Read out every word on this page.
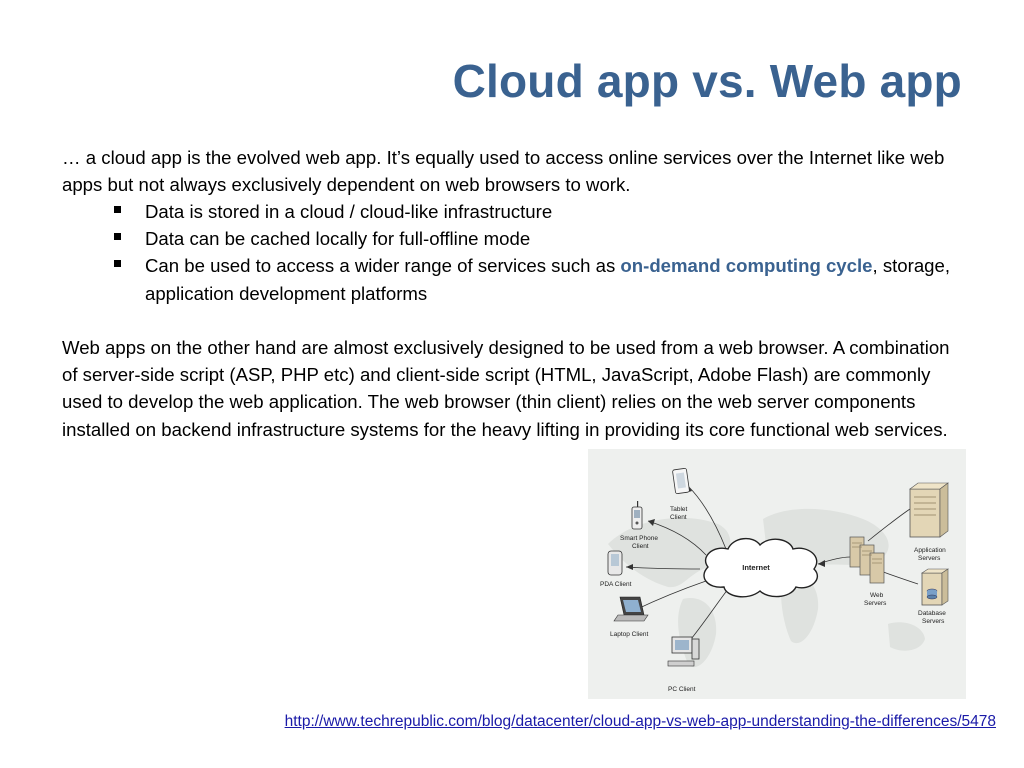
Cloud app vs. Web app
… a cloud app is the evolved web app. It’s equally used to access online services over the Internet like web apps but not always exclusively dependent on web browsers to work.
Data is stored in a cloud / cloud-like infrastructure
Data can be cached locally for full-offline mode
Can be used to access a wider range of services such as on-demand computing cycle, storage, application development platforms
Web apps on the other hand are almost exclusively designed to be used from a web browser. A combination of server-side script (ASP, PHP etc) and client-side script (HTML, JavaScript, Adobe Flash) are commonly used to develop the web application. The web browser (thin client) relies on the web server components installed on backend infrastructure systems for the heavy lifting in providing its core functional web services.
Internet
Tablet
Client
Smart Phone
Client
PDA Client
Laptop Client
PC Client
Web
Servers
Application
Servers
Database
Servers
http://www.techrepublic.com/blog/datacenter/cloud-app-vs-web-app-understanding-the-differences/5478
